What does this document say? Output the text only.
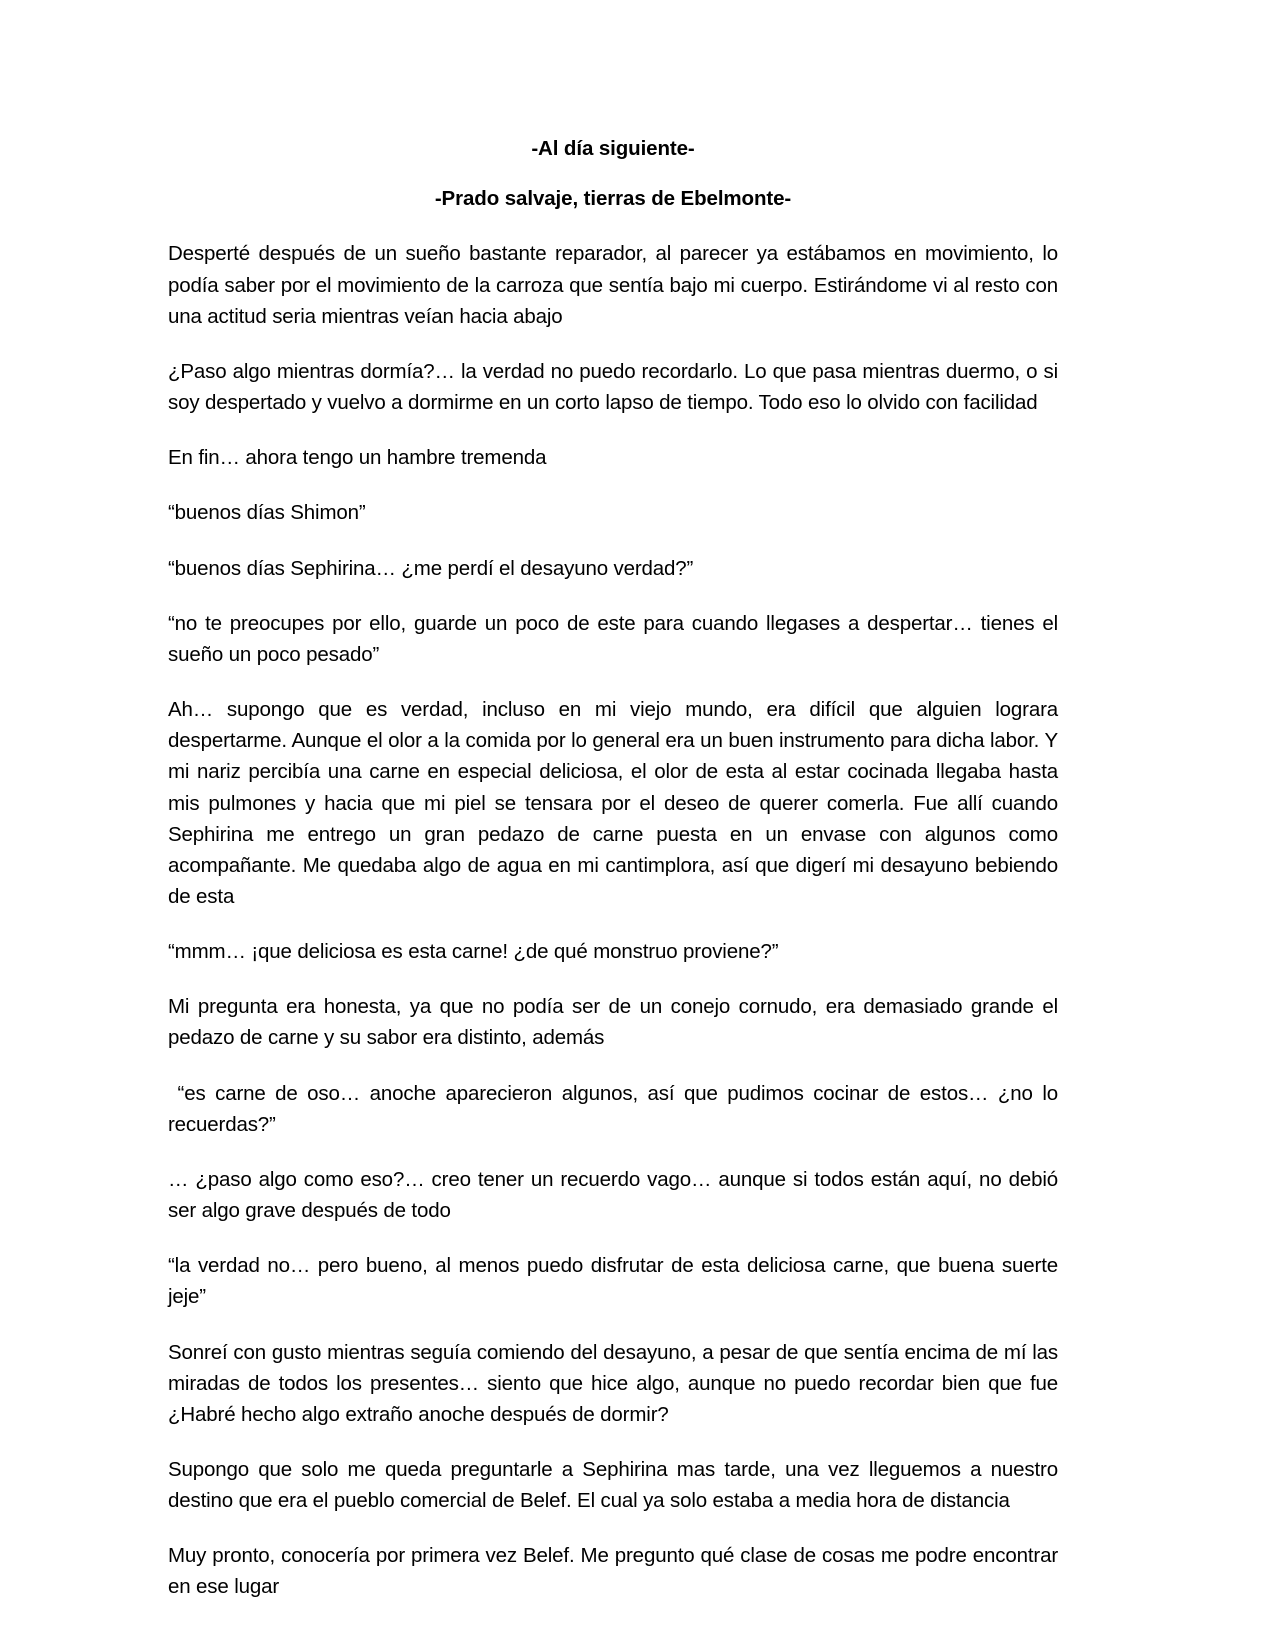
-Al día siguiente-
-Prado salvaje, tierras de Ebelmonte-

Desperté después de un sueño bastante reparador, al parecer ya estábamos en movimiento, lo podía saber por el movimiento de la carroza que sentía bajo mi cuerpo. Estirándome vi al resto con una actitud seria mientras veían hacia abajo

¿Paso algo mientras dormía?… la verdad no puedo recordarlo. Lo que pasa mientras duermo, o si soy despertado y vuelvo a dormirme en un corto lapso de tiempo. Todo eso lo olvido con facilidad

En fin… ahora tengo un hambre tremenda

“buenos días Shimon”

“buenos días Sephirina… ¿me perdí el desayuno verdad?”

“no te preocupes por ello, guarde un poco de este para cuando llegases a despertar… tienes el sueño un poco pesado”

Ah… supongo que es verdad, incluso en mi viejo mundo, era difícil que alguien lograra despertarme. Aunque el olor a la comida por lo general era un buen instrumento para dicha labor. Y mi nariz percibía una carne en especial deliciosa, el olor de esta al estar cocinada llegaba hasta mis pulmones y hacia que mi piel se tensara por el deseo de querer comerla. Fue allí cuando Sephirina me entrego un gran pedazo de carne puesta en un envase con algunos como acompañante. Me quedaba algo de agua en mi cantimplora, así que digerí mi desayuno bebiendo de esta

“mmm… ¡que deliciosa es esta carne! ¿de qué monstruo proviene?”

Mi pregunta era honesta, ya que no podía ser de un conejo cornudo, era demasiado grande el pedazo de carne y su sabor era distinto, además

“es carne de oso… anoche aparecieron algunos, así que pudimos cocinar de estos… ¿no lo recuerdas?”

… ¿paso algo como eso?… creo tener un recuerdo vago… aunque si todos están aquí, no debió ser algo grave después de todo

“la verdad no… pero bueno, al menos puedo disfrutar de esta deliciosa carne, que buena suerte jeje”

Sonreí con gusto mientras seguía comiendo del desayuno, a pesar de que sentía encima de mí las miradas de todos los presentes… siento que hice algo, aunque no puedo recordar bien que fue ¿Habré hecho algo extraño anoche después de dormir?

Supongo que solo me queda preguntarle a Sephirina mas tarde, una vez lleguemos a nuestro destino que era el pueblo comercial de Belef. El cual ya solo estaba a media hora de distancia

Muy pronto, conocería por primera vez Belef. Me pregunto qué clase de cosas me podre encontrar en ese lugar
